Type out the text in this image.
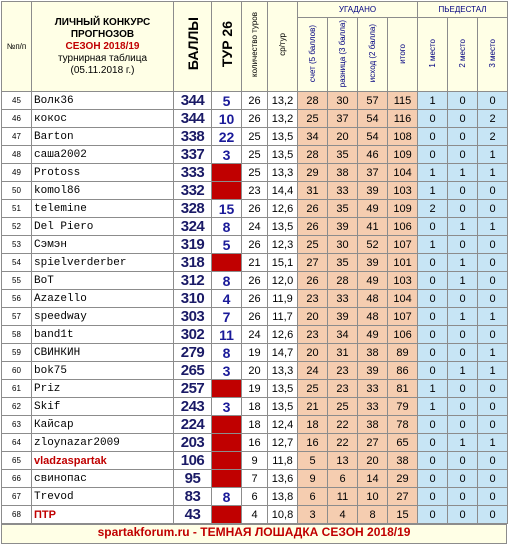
№п/п	ЛИЧНЫЙ КОНКУРС
ПРОГНОЗОВ
СЕЗОН 2018/19
турнирная таблица
(05.11.2018 г.)	БАЛЛЫ	ТУР 26	количество туров	ср/тур	УГАДАНО				ПЬЕДЕСТАЛ		
						счет (5 баллов)	разница (3 балла)	исход (2 балла)	итого	1 место	2 место	3 место
45	Волк36	344	5	26	13,2	28	30	57	115	1	0	0
46	кокос	344	10	26	13,2	25	37	54	116	0	0	2
47	Barton	338	22	25	13,5	34	20	54	108	0	0	2
48	саша2002	337	3	25	13,5	28	35	46	109	0	0	1
49	Protoss	333		25	13,3	29	38	37	104	1	1	1
50	komol86	332		23	14,4	31	33	39	103	1	0	0
51	telemine	328	15	26	12,6	26	35	49	109	2	0	0
52	Del Piero	324	8	24	13,5	26	39	41	106	0	1	1
53	Сэмэн	319	5	26	12,3	25	30	52	107	1	0	0
54	spielverderber	318		21	15,1	27	35	39	101	0	1	0
55	BoT	312	8	26	12,0	26	28	49	103	0	1	0
56	Azazello	310	4	26	11,9	23	33	48	104	0	0	0
57	speedway	303	7	26	11,7	20	39	48	107	0	1	1
58	band1t	302	11	24	12,6	23	34	49	106	0	0	0
59	СВИНКИН	279	8	19	14,7	20	31	38	89	0	0	1
60	bok75	265	3	20	13,3	24	23	39	86	0	1	1
61	Priz	257		19	13,5	25	23	33	81	1	0	0
62	Skif	243	3	18	13,5	21	25	33	79	1	0	0
63	Кайсар	224		18	12,4	18	22	38	78	0	0	0
64	zloynazar2009	203		16	12,7	16	22	27	65	0	1	1
65	vladzaspartak	106		9	11,8	5	13	20	38	0	0	0
66	свинопас	95		7	13,6	9	6	14	29	0	0	0
67	Trevod	83	8	6	13,8	6	11	10	27	0	0	0
68	ПТР	43		4	10,8	3	4	8	15	0	0	0
spartakforum.ru - ТЕМНАЯ ЛОШАДКА СЕЗОН 2018/19
